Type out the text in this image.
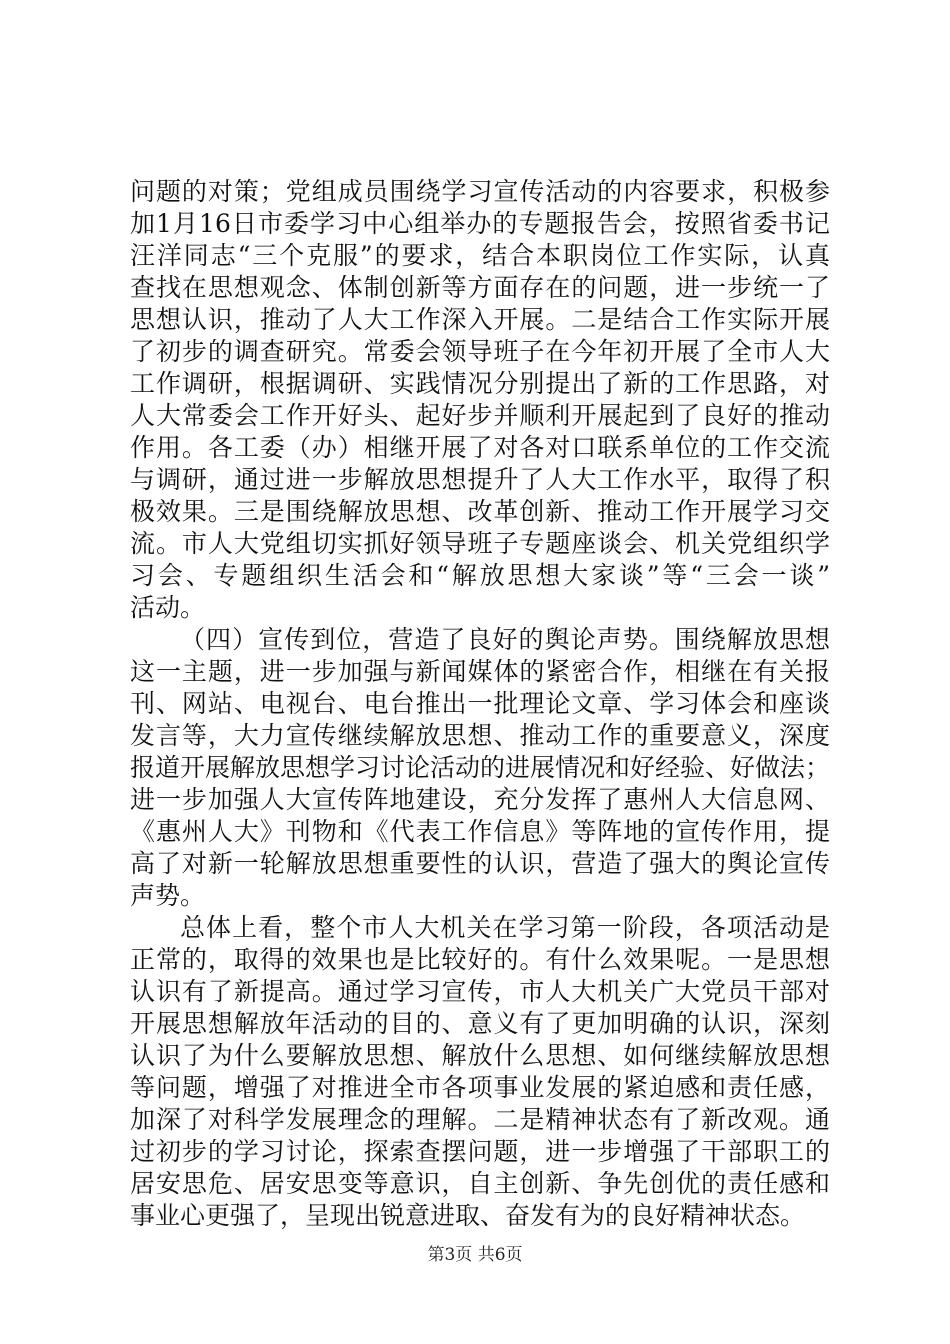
问题的对策；党组成员围绕学习宣传活动的内容要求，积极参
加1月16日市委学习中心组举办的专题报告会，按照省委书记
汪洋同志“三个克服”的要求，结合本职岗位工作实际，认真
查找在思想观念、体制创新等方面存在的问题，进一步统一了
思想认识，推动了人大工作深入开展。二是结合工作实际开展
了初步的调查研究。常委会领导班子在今年初开展了全市人大
工作调研，根据调研、实践情况分别提出了新的工作思路，对
人大常委会工作开好头、起好步并顺利开展起到了良好的推动
作用。各工委（办）相继开展了对各对口联系单位的工作交流
与调研，通过进一步解放思想提升了人大工作水平，取得了积
极效果。三是围绕解放思想、改革创新、推动工作开展学习交
流。市人大党组切实抓好领导班子专题座谈会、机关党组织学
习会、专题组织生活会和“解放思想大家谈”等“三会一谈”
活动。
（四）宣传到位，营造了良好的舆论声势。围绕解放思想
这一主题，进一步加强与新闻媒体的紧密合作，相继在有关报
刊、网站、电视台、电台推出一批理论文章、学习体会和座谈
发言等，大力宣传继续解放思想、推动工作的重要意义，深度
报道开展解放思想学习讨论活动的进展情况和好经验、好做法；
进一步加强人大宣传阵地建设，充分发挥了惠州人大信息网、
《惠州人大》刊物和《代表工作信息》等阵地的宣传作用，提
高了对新一轮解放思想重要性的认识，营造了强大的舆论宣传
声势。
总体上看，整个市人大机关在学习第一阶段，各项活动是
正常的，取得的效果也是比较好的。有什么效果呢。一是思想
认识有了新提高。通过学习宣传，市人大机关广大党员干部对
开展思想解放年活动的目的、意义有了更加明确的认识，深刻
认识了为什么要解放思想、解放什么思想、如何继续解放思想
等问题，增强了对推进全市各项事业发展的紧迫感和责任感，
加深了对科学发展理念的理解。二是精神状态有了新改观。通
过初步的学习讨论，探索查摆问题，进一步增强了干部职工的
居安思危、居安思变等意识，自主创新、争先创优的责任感和
事业心更强了，呈现出锐意进取、奋发有为的良好精神状态。
第3页 共6页
